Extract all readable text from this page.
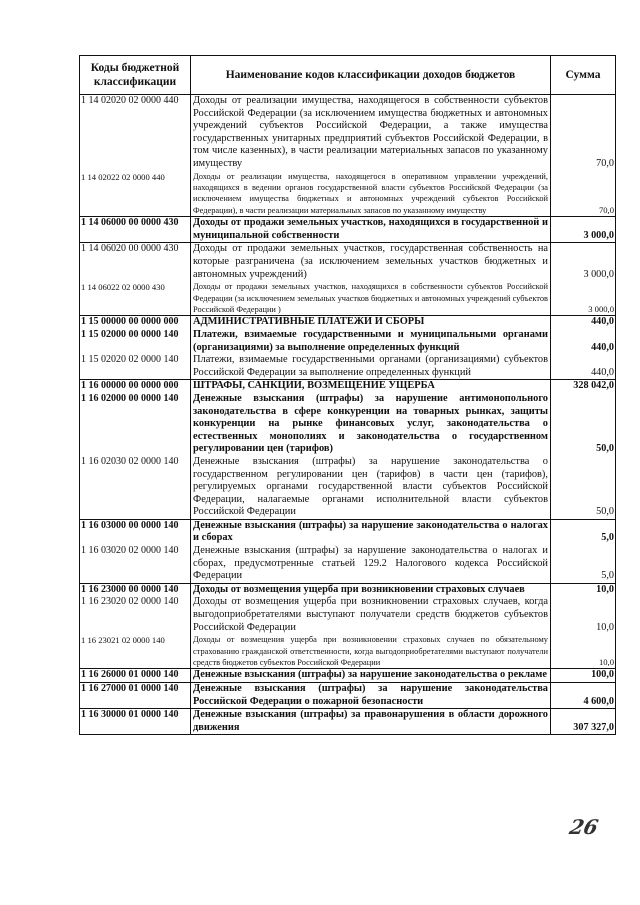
Коды бюджетной классификации	Наименование кодов классификации доходов бюджетов	Сумма
1 14 02020 02 0000 440	Доходы от реализации имущества, находящегося в собственности субъектов Российской Федерации (за исключением имущества бюджетных и автономных учреждений субъектов Российской Федерации, а также имущества государственных унитарных предприятий субъектов Российской Федерации, в том числе казенных), в части реализации материальных запасов по указанному имуществу	70,0
1 14 02022 02 0000 440	Доходы от реализации имущества, находящегося в оперативном управлении учреждений, находящихся в ведении органов государственной власти субъектов Российской Федерации (за исключением имущества бюджетных и автономных учреждений субъектов Российской Федерации), в части реализации материальных запасов по указанному имуществу	70,0
1 14 06000 00 0000 430	Доходы от продажи земельных участков, находящихся в государственной и муниципальной собственности	3 000,0
1 14 06020 00 0000 430	Доходы от продажи земельных участков, государственная собственность на которые разграничена (за исключением земельных участков бюджетных и автономных учреждений)	3 000,0
1 14 06022 02 0000 430	Доходы от продажи земельных участков, находящихся в собственности субъектов Российской Федерации (за исключением земельных участков бюджетных и автономных учреждений субъектов Российской Федерации )	3 000,0
1 15 00000 00 0000 000	АДМИНИСТРАТИВНЫЕ ПЛАТЕЖИ И СБОРЫ	440,0
1 15 02000 00 0000 140	Платежи, взимаемые государственными и муниципальными органами (организациями) за выполнение определенных функций	440,0
1 15 02020 02 0000 140	Платежи, взимаемые государственными органами (организациями) субъектов Российской Федерации за выполнение определенных функций	440,0
1 16 00000 00 0000 000	ШТРАФЫ, САНКЦИИ, ВОЗМЕЩЕНИЕ УЩЕРБА	328 042,0
1 16 02000 00 0000 140	Денежные взыскания (штрафы) за нарушение антимонопольного законодательства в сфере конкуренции на товарных рынках, защиты конкуренции на рынке финансовых услуг, законодательства о естественных монополиях и законодательства о государственном регулировании цен (тарифов)	50,0
1 16 02030 02 0000 140	Денежные взыскания (штрафы) за нарушение законодательства о государственном регулировании цен (тарифов) в части цен (тарифов), регулируемых органами государственной власти субъектов Российской Федерации, налагаемые органами исполнительной власти субъектов Российской Федерации	50,0
1 16 03000 00 0000 140	Денежные взыскания (штрафы) за нарушение законодательства о налогах и сборах	5,0
1 16 03020 02 0000 140	Денежные взыскания (штрафы) за нарушение законодательства о налогах и сборах, предусмотренные статьей 129.2 Налогового кодекса Российской Федерации	5,0
1 16 23000 00 0000 140	Доходы от возмещения ущерба при возникновении страховых случаев	10,0
1 16 23020 02 0000 140	Доходы от возмещения ущерба при возникновении страховых случаев, когда выгодоприобретателями выступают получатели средств бюджетов субъектов Российской Федерации	10,0
1 16 23021 02 0000 140	Доходы от возмещения ущерба при возникновении страховых случаев по обязательному страхованию гражданской ответственности, когда выгодоприобретателями выступают получатели средств бюджетов субъектов Российской Федерации	10,0
1 16 26000 01 0000 140	Денежные взыскания (штрафы) за нарушение законодательства о рекламе	100,0
1 16 27000 01 0000 140	Денежные взыскания (штрафы) за нарушение законодательства Российской Федерации о пожарной безопасности	4 600,0
1 16 30000 01 0000 140	Денежные взыскания (штрафы) за правонарушения в области дорожного движения	307 327,0
26
